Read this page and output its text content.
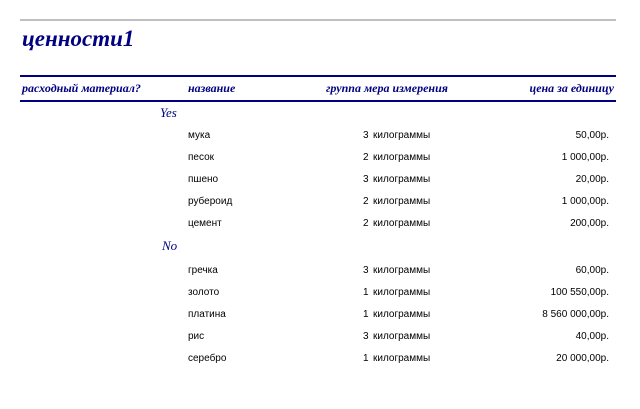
ценности1
расходный материал?	название	группа мера измерения	цена за единицу
Yes
мука	3 килограммы	50,00р.
песок	2 килограммы	1 000,00р.
пшено	3 килограммы	20,00р.
рубероид	2 килограммы	1 000,00р.
цемент	2 килограммы	200,00р.
No
гречка	3 килограммы	60,00р.
золото	1 килограммы	100 550,00р.
платина	1 килограммы	8 560 000,00р.
рис	3 килограммы	40,00р.
серебро	1 килограммы	20 000,00р.
